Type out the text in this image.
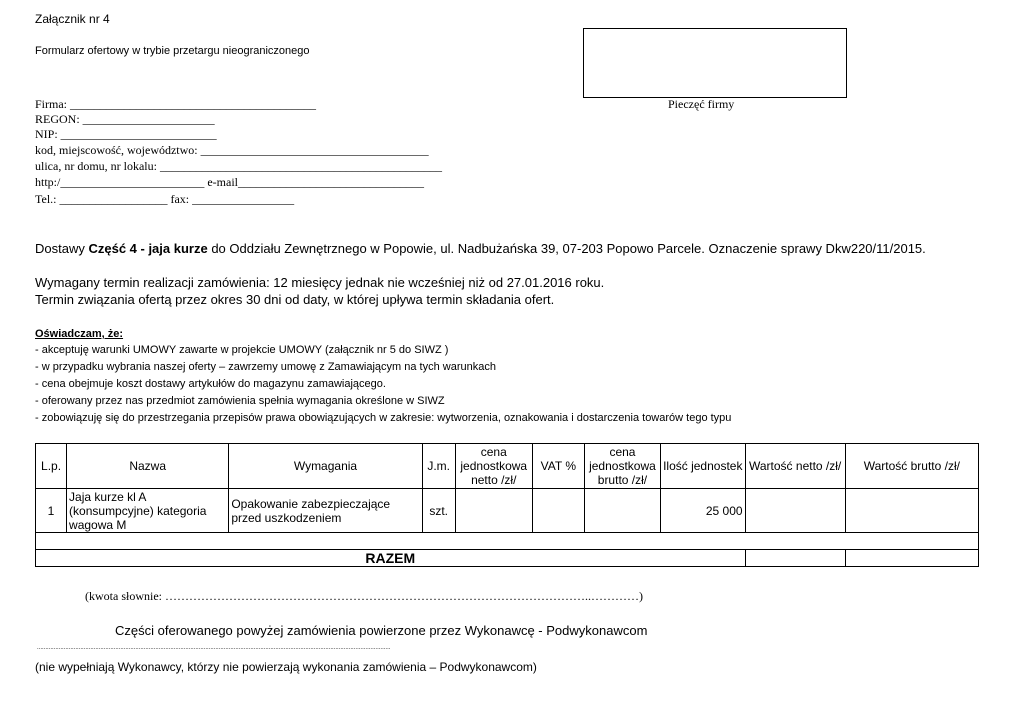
Załącznik nr 4
Formularz ofertowy w trybie przetargu nieograniczonego
Pieczęć firmy
Firma: _________________________________________
REGON: ______________________
NIP: __________________________
kod, miejscowość, województwo: ______________________________________
ulica, nr domu, nr lokalu: _______________________________________________
http:/________________________ e-mail_______________________________
Tel.: __________________ fax: _________________
Dostawy Część 4 - jaja kurze do Oddziału Zewnętrznego w Popowie, ul. Nadbużańska 39, 07-203 Popowo Parcele. Oznaczenie sprawy Dkw220/11/2015.
Wymagany termin realizacji zamówienia: 12 miesięcy jednak nie wcześniej niż od 27.01.2016 roku.
Termin związania ofertą przez okres 30 dni od daty, w której upływa termin składania ofert.
Oświadczam, że:
- akceptuję warunki UMOWY zawarte w projekcie UMOWY (załącznik nr 5 do SIWZ )
- w przypadku wybrania naszej oferty – zawrzemy umowę z Zamawiającym na tych warunkach
- cena obejmuje koszt dostawy artykułów do magazynu zamawiającego.
- oferowany przez nas przedmiot zamówienia spełnia wymagania określone w SIWZ
- zobowiązuję się do przestrzegania przepisów prawa obowiązujących w zakresie: wytworzenia, oznakowania i dostarczenia towarów tego typu
L.p.	Nazwa	Wymagania	J.m.	cena jednostkowa netto /zł/	VAT %	cena jednostkowa brutto /zł/	Ilość jednostek	Wartość netto /zł/	Wartość brutto /zł/
1	Jaja kurze kl A (konsumpcyjne) kategoria wagowa M	Opakowanie zabezpieczające przed uszkodzeniem	szt.				25 000		

RAZEM									
(kwota słownie: ……………………………………………………………………………………………..…………)
Części oferowanego powyżej zamówienia powierzone przez Wykonawcę - Podwykonawcom
....................................................................................................................................................................................................................
(nie wypełniają Wykonawcy, którzy nie powierzają wykonania zamówienia – Podwykonawcom)
